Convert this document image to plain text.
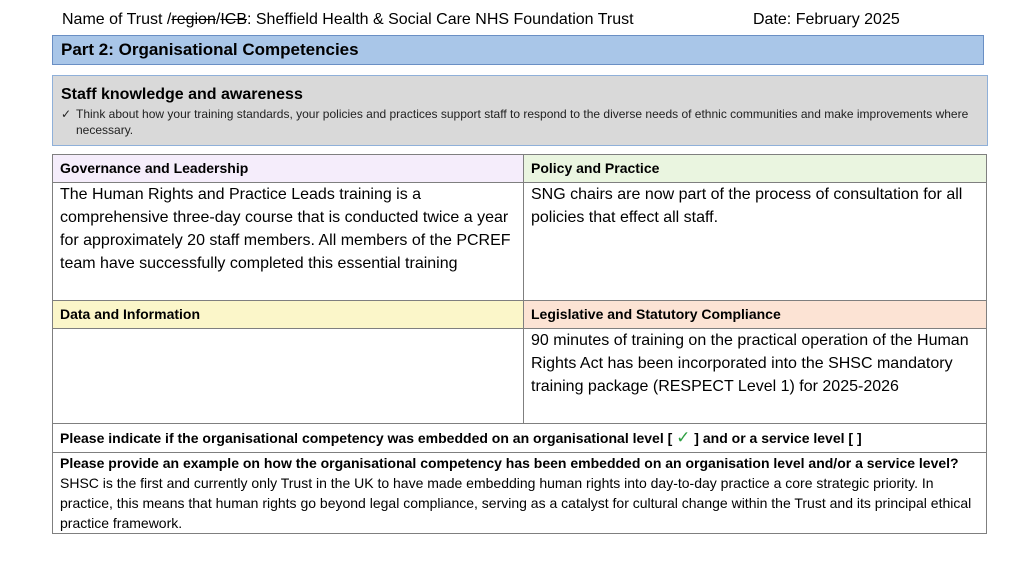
Name of Trust /region/ICB: Sheffield Health & Social Care NHS Foundation Trust	Date: February 2025
Part 2: Organisational Competencies
Staff knowledge and awareness
✓ Think about how your training standards, your policies and practices support staff to respond to the diverse needs of ethnic communities and make improvements where necessary.
Governance and Leadership	Policy and Practice
The Human Rights and Practice Leads training is a comprehensive three-day course that is conducted twice a year for approximately 20 staff members. All members of the PCREF team have successfully completed this essential training	SNG chairs are now part of the process of consultation for all policies that effect all staff.
Data and Information	Legislative and Statutory Compliance
	90 minutes of training on the practical operation of the Human Rights Act has been incorporated into the SHSC mandatory training package (RESPECT Level 1) for 2025-2026
Please indicate if the organisational competency was embedded on an organisational level [ ✓ ] and or a service level [ ]	

Please provide an example on how the organisational competency has been embedded on an organisation level and/or a service level?
SHSC is the first and currently only Trust in the UK to have made embedding human rights into day-to-day practice a core strategic priority. In practice, this means that human rights go beyond legal compliance, serving as a catalyst for cultural change within the Trust and its principal ethical practice framework.	
